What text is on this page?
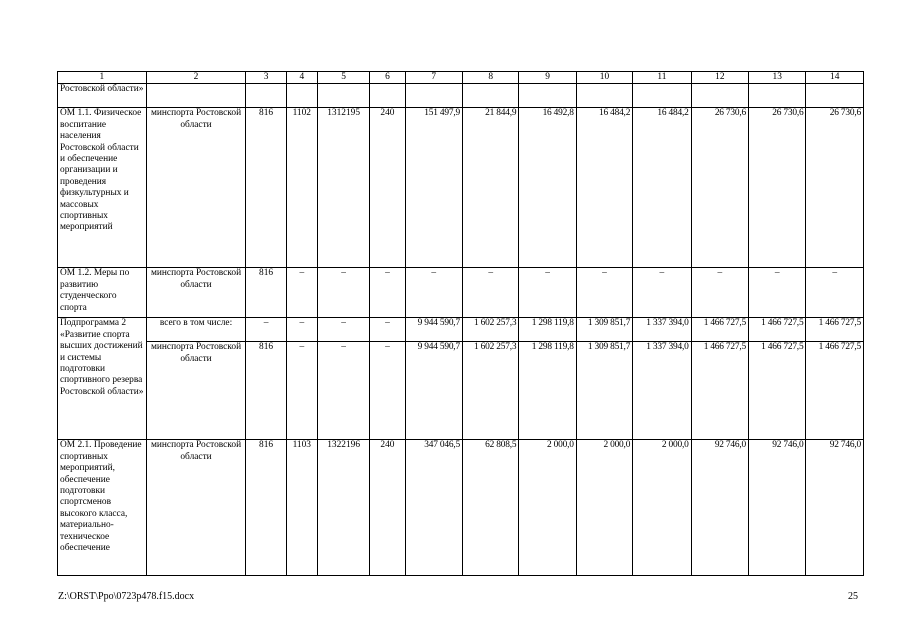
1	2	3	4	5	6	7	8	9	10	11	12	13	14
Ростовской области»													
ОМ 1.1. Физическое воспитание населения Ростовской области и обеспечение организации и проведения физкультурных и массовых спортивных мероприятий	минспорта Ростовской области	816	1102	1312195	240	151 497,9	21 844,9	16 492,8	16 484,2	16 484,2	26 730,6	26 730,6	26 730,6
ОМ 1.2. Меры по развитию студенческого спорта	минспорта Ростовской области	816	–	–	–	–	–	–	–	–	–	–	–
Подпрограмма 2 «Развитие спорта высших достижений и системы подготовки спортивного резерва Ростовской области»	всего в том числе:	–	–	–	–	9 944 590,7	1 602 257,3	1 298 119,8	1 309 851,7	1 337 394,0	1 466 727,5	1 466 727,5	1 466 727,5
	минспорта Ростовской области	816	–	–	–	9 944 590,7	1 602 257,3	1 298 119,8	1 309 851,7	1 337 394,0	1 466 727,5	1 466 727,5	1 466 727,5
ОМ 2.1. Проведение спортивных мероприятий, обеспечение подготовки спортсменов высокого класса, материально-техническое обеспечение	минспорта Ростовской области	816	1103	1322196	240	347 046,5	62 808,5	2 000,0	2 000,0	2 000,0	92 746,0	92 746,0	92 746,0
Z:\ORST\Ppo\0723p478.f15.docx	25
